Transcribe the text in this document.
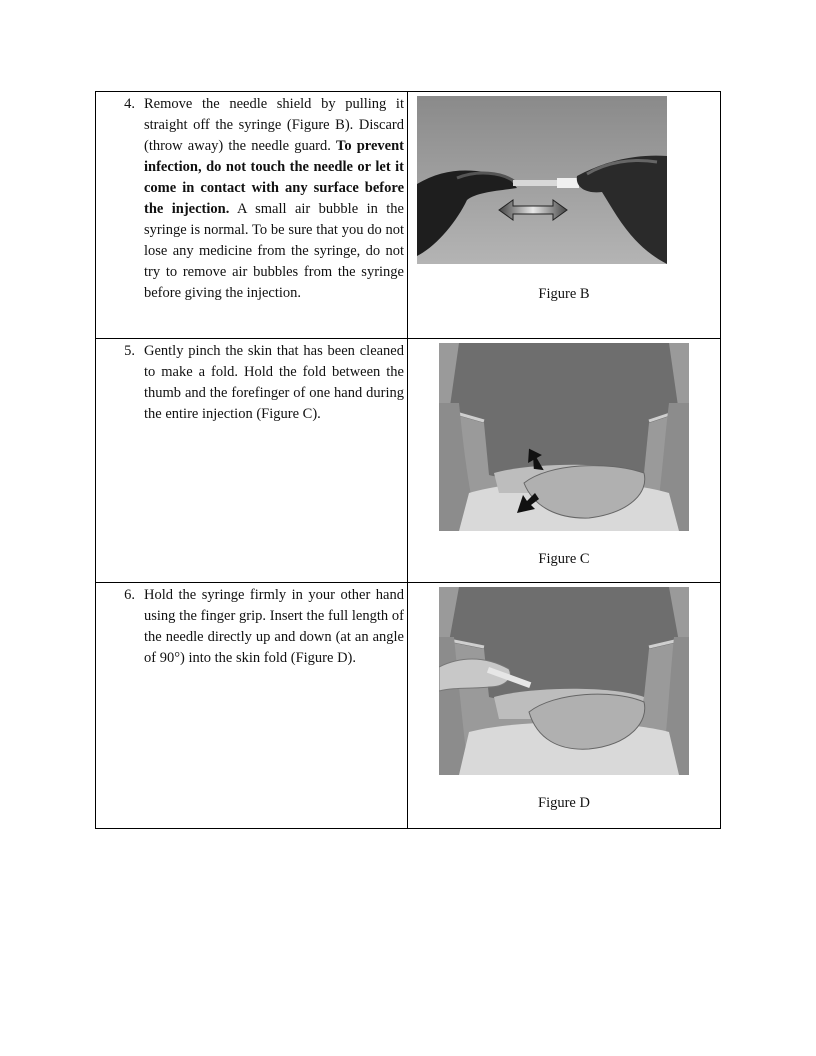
4. Remove the needle shield by pulling it straight off the syringe (Figure B). Discard (throw away) the needle guard. To prevent infection, do not touch the needle or let it come in contact with any surface before the injection. A small air bubble in the syringe is normal. To be sure that you do not lose any medicine from the syringe, do not try to remove air bubbles from the syringe before giving the injection.	Figure B
5. Gently pinch the skin that has been cleaned to make a fold. Hold the fold between the thumb and the forefinger of one hand during the entire injection (Figure C).
Figure C
6. Hold the syringe firmly in your other hand using the finger grip. Insert the full length of the needle directly up and down (at an angle of 90°) into the skin fold (Figure D).
Figure D
